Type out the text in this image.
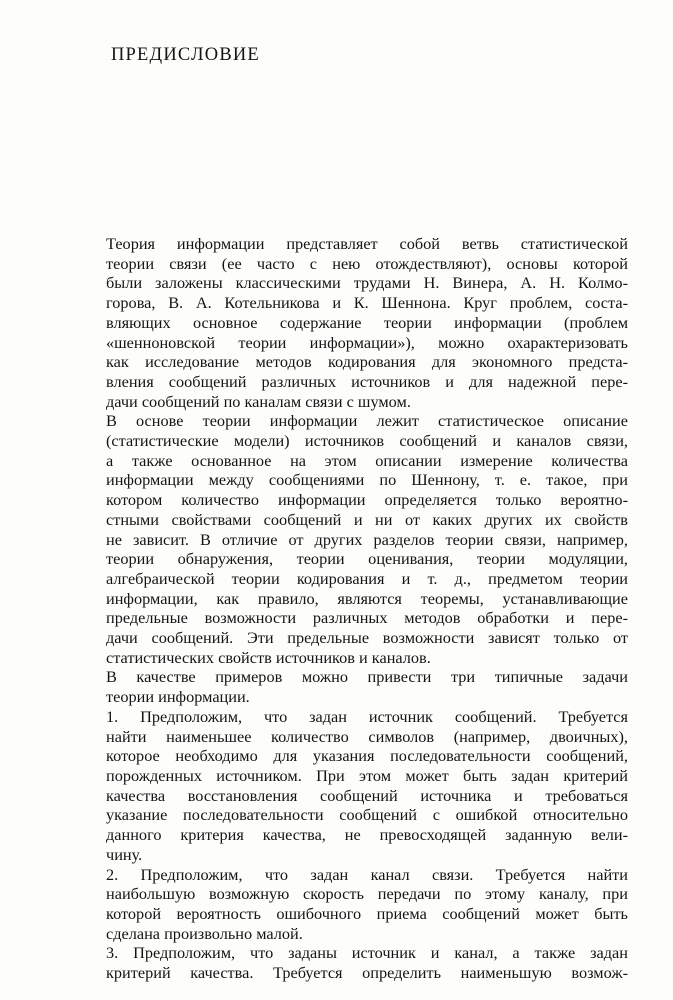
ПРЕДИСЛОВИЕ

Теория информации представляет собой ветвь статистической
теории связи (ее часто с нею отождествляют), основы которой
были заложены классическими трудами Н. Винера, А. Н. Колмо-
горова, В. А. Котельникова и К. Шеннона. Круг проблем, соста-
вляющих основное содержание теории информации (проблем
«шенноновской теории информации»), можно охарактеризовать
как исследование методов кодирования для экономного предста-
вления сообщений различных источников и для надежной пере-
дачи сообщений по каналам связи с шумом.

В основе теории информации лежит статистическое описание
(статистические модели) источников сообщений и каналов связи,
а также основанное на этом описании измерение количества
информации между сообщениями по Шеннону, т. е. такое, при
котором количество информации определяется только вероятно-
стными свойствами сообщений и ни от каких других их свойств
не зависит. В отличие от других разделов теории связи, например,
теории обнаружения, теории оценивания, теории модуляции,
алгебраической теории кодирования и т. д., предметом теории
информации, как правило, являются теоремы, устанавливающие
предельные возможности различных методов обработки и пере-
дачи сообщений. Эти предельные возможности зависят только от
статистических свойств источников и каналов.

В качестве примеров можно привести три типичные задачи
теории информации.

1. Предположим, что задан источник сообщений. Требуется
найти наименьшее количество символов (например, двоичных),
которое необходимо для указания последовательности сообщений,
порожденных источником. При этом может быть задан критерий
качества восстановления сообщений источника и требоваться
указание последовательности сообщений с ошибкой относительно
данного критерия качества, не превосходящей заданную вели-
чину.

2. Предположим, что задан канал связи. Требуется найти
наибольшую возможную скорость передачи по этому каналу, при
которой вероятность ошибочного приема сообщений может быть
сделана произвольно малой.

3. Предположим, что заданы источник и канал, а также задан
критерий качества. Требуется определить наименьшую возмож-
